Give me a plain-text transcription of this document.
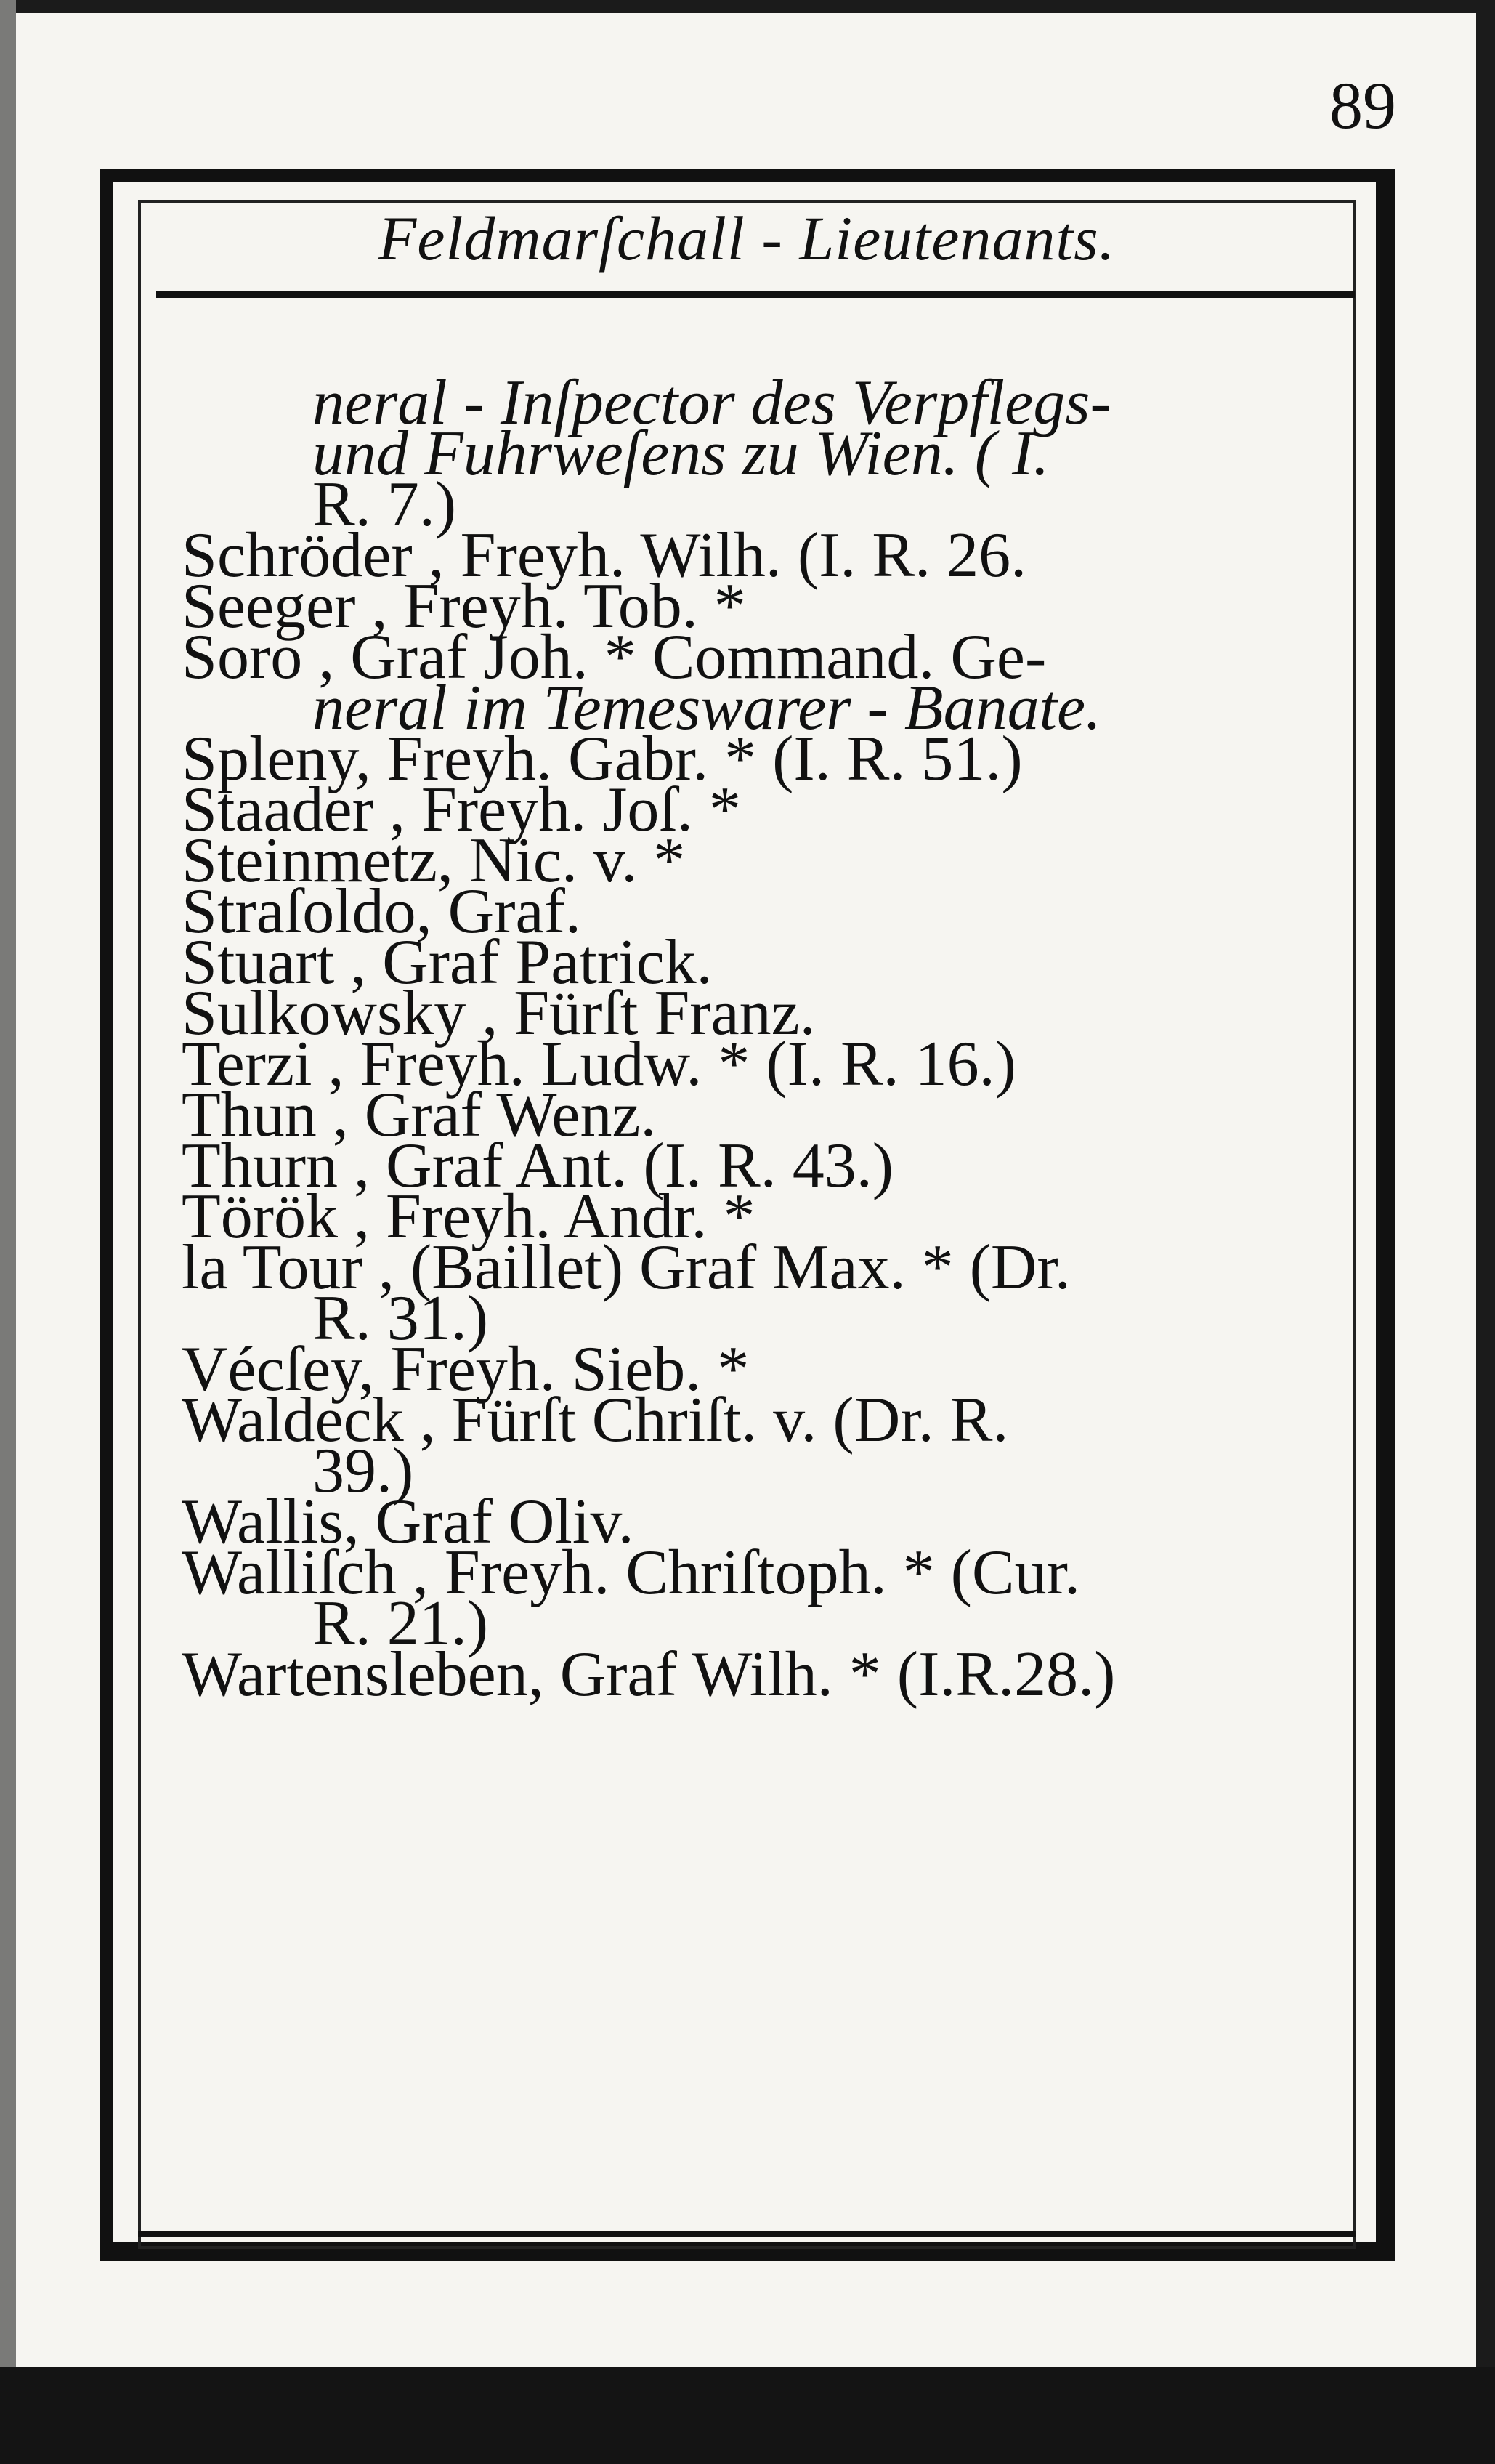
89
Feldmarſchall - Lieutenants.
neral - Inſpector des Verpflegs-
und Fuhrweſens zu Wien. ( I.
R. 7.)
Schröder , Freyh. Wilh. (I. R. 26.
Seeger , Freyh. Tob. *
Soro , Graf Joh. * Command. Ge-
neral im Temeswarer - Banate.
Spleny, Freyh. Gabr. * (I. R. 51.)
Staader , Freyh. Joſ. *
Steinmetz, Nic. v. *
Straſoldo, Graf.
Stuart , Graf Patrick.
Sulkowsky , Fürſt Franz.
Terzi , Freyh. Ludw. * (I. R. 16.)
Thun , Graf Wenz.
Thurn , Graf Ant. (I. R. 43.)
Török , Freyh. Andr. *
la Tour , (Baillet) Graf Max. * (Dr.
R. 31.)
Vécſey, Freyh. Sieb. *
Waldeck , Fürſt Chriſt. v. (Dr. R.
39.)
Wallis, Graf Oliv.
Walliſch , Freyh. Chriſtoph. * (Cur.
R. 21.)
Wartensleben, Graf Wilh. * (I.R.28.)
